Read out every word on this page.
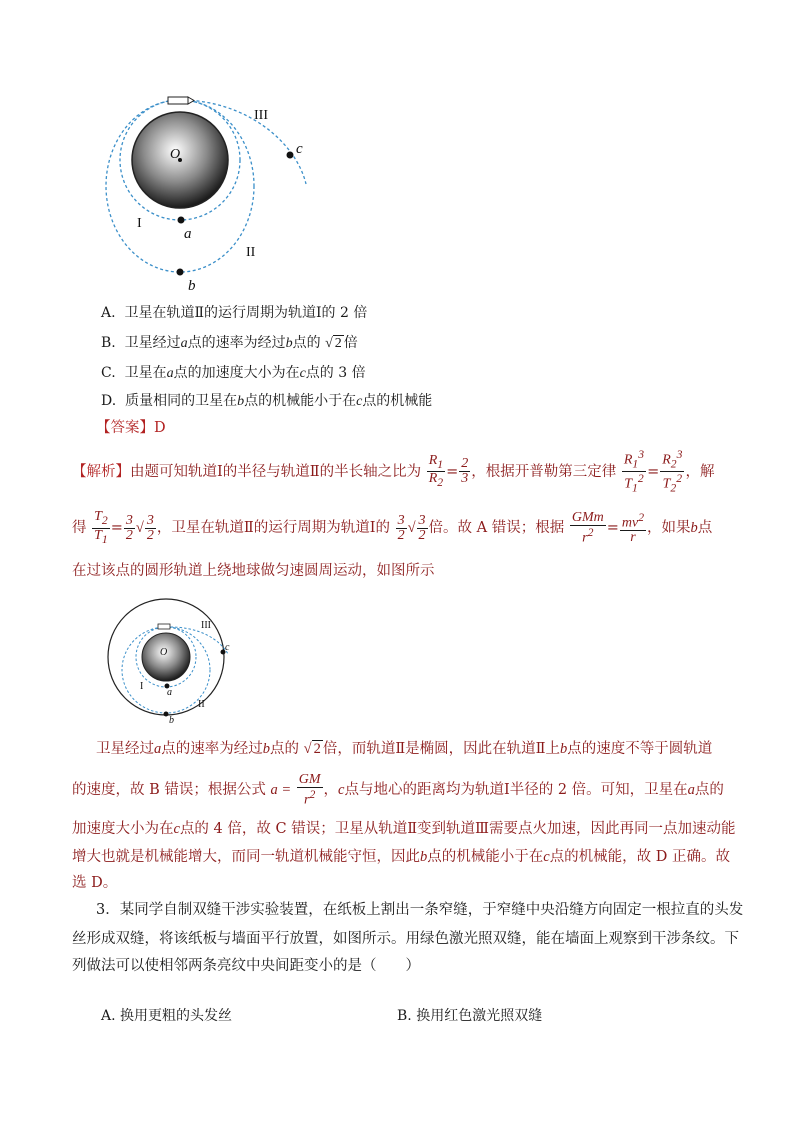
O
I
II
III
a
b
c
A. 卫星在轨道Ⅱ的运行周期为轨道Ⅰ的 2 倍
B. 卫星经过a点的速率为经过b点的 √ 2 倍
C. 卫星在a点的加速度大小为在c点的 3 倍
D. 质量相同的卫星在b点的机械能小于在c点的机械能
【答案】D
【解析】由题可知轨道Ⅰ的半径与轨道Ⅱ的半长轴之比为 $\frac{R_1}{R_2} = \frac{2}{3}$ ，根据开普勒第三定律 $\frac{R_1^3}{T_1^2} = \frac{R_2^3}{T_2^2}$ ，解
得 $\frac{T_2}{T_1} = \frac{3}{2}$ √ $\frac{3}{2}$ ，卫星在轨道Ⅱ的运行周期为轨道Ⅰ的 $\frac{3}{2}$ √ $\frac{3}{2}$ 倍。故 A 错误；根据 $\frac{\text{GMm}}{r^2} = \frac{mv^2}{r}$ ，如果b点
在过该点的圆形轨道上绕地球做匀速圆周运动，如图所示
O
I
II
III
a
b
c
卫星经过a点的速率为经过b点的 √ 2 倍，而轨道Ⅱ是椭圆，因此在轨道Ⅱ上b点的速度不等于圆轨道
的速度，故 B 错误；根据公式 $a = \frac{GM}{r^2}$ ，c点与地心的距离均为轨道Ⅰ半径的 2 倍。可知，卫星在a点的
加速度大小为在c点的 4 倍，故 C 错误；卫星从轨道Ⅱ变到轨道Ⅲ需要点火加速，因此再同一点加速动能
增大也就是机械能增大，而同一轨道机械能守恒，因此b点的机械能小于在c点的机械能，故 D 正确。故
选 D。
3．某同学自制双缝干涉实验装置，在纸板上割出一条窄缝，于窄缝中央沿缝方向固定一根拉直的头发
丝形成双缝，将该纸板与墙面平行放置，如图所示。用绿色激光照双缝，能在墙面上观察到干涉条纹。下
列做法可以使相邻两条亮纹中央间距变小的是（　　）
A. 换用更粗的头发丝	B. 换用红色激光照双缝
